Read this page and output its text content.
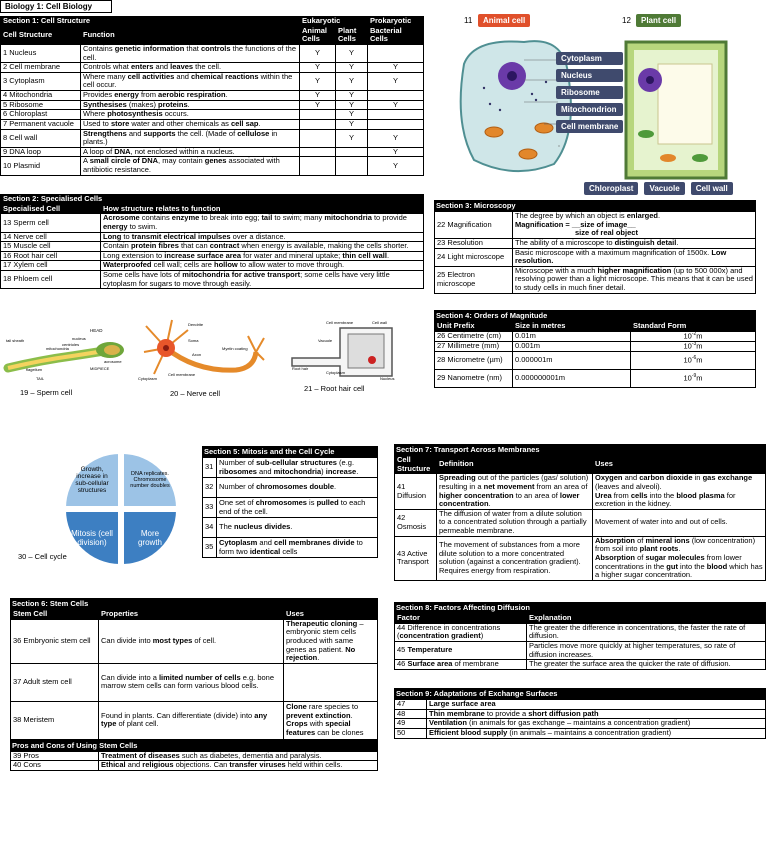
Biology 1: Cell Biology
Section 1: Cell Structure		Eukaryotic		Prokaryotic
Cell Structure	Function	Animal Cells	Plant Cells	Bacterial Cells
1 Nucleus	Contains genetic information that controls the functions of the cell.	Y	Y	
2 Cell membrane	Controls what enters and leaves the cell.	Y	Y	Y
3 Cytoplasm	Where many cell activities and chemical reactions within the cell occur.	Y	Y	Y
4 Mitochondria	Provides energy from aerobic respiration.	Y	Y	
5 Ribosome	Synthesises (makes) proteins.	Y	Y	Y
6 Chloroplast	Where photosynthesis occurs.		Y	
7 Permanent vacuole	Used to store water and other chemicals as cell sap.		Y	
8 Cell wall	Strengthens and supports the cell. (Made of cellulose in plants.)		Y	Y
9 DNA loop	A loop of DNA, not enclosed within a nucleus.			Y
10 Plasmid	A small circle of DNA, may contain genes associated with antibiotic resistance.			Y
Section 2: Specialised Cells	
Specialised Cell	How structure relates to function
13 Sperm cell	Acrosome contains enzyme to break into egg; tail to swim; many mitochondria to provide energy to swim.
14 Nerve cell	Long to transmit electrical impulses over a distance.
15 Muscle cell	Contain protein fibres that can contract when energy is available, making the cells shorter.
16 Root hair cell	Long extension to increase surface area for water and mineral uptake; thin cell wall.
17 Xylem cell	Waterproofed cell wall; cells are hollow to allow water to move through.
18 Phloem cell	Some cells have lots of mitochondria for active transport; some cells have very little cytoplasm for sugars to move through easily.
HEAD
tail sheath	nucleus
centrioles
mitochondria
acrosome
MIDPIECE
flagellum
TAIL
19 – Sperm cell
Dendrite
Soma
Axon
Myelin coating
Cytoplasm
Cell membrane
20 – Nerve cell
Cell membrane	Cell wall
Vacuole
Root hair
Cytoplasm
Nucleus
21 – Root hair cell
11	Animal cell	12	Plant cell
Cytoplasm
Nucleus
Ribosome
Mitochondrion
Cell membrane
Chloroplast	Vacuole	Cell wall
Section 3: Microscopy
22 Magnification	The degree by which an object is enlarged.
Magnification = __size of image__
size of real object
23 Resolution	The ability of a microscope to distinguish detail.
24 Light microscope	Basic microscope with a maximum magnification of 1500x. Low resolution.
25 Electron microscope	Microscope with a much higher magnification (up to 500 000x) and resolving power than a light microscope. This means that it can be used to study cells in much finer detail.
Section 4: Orders of Magnitude
Unit Prefix	Size in metres	Standard Form
26 Centimetre (cm)	0.01m	$10^{-2}m$
27 Millimetre (mm)	0.001m	$10^{-3}m$
28 Micrometre (µm)	0.000001m	$10^{-6}m$
29 Nanometre (nm)	0.000000001m	$10^{-9}m$
Growth, increase in sub-cellular structures
DNA replicates. Chromosome number doubles
Mitosis (cell division)
More growth
30 – Cell cycle
Section 5: Mitosis and the Cell Cycle
31	Number of sub-cellular structures (e.g. ribosomes and mitochondria) increase.
32	Number of chromosomes double.
33	One set of chromosomes is pulled to each end of the cell.
34	The nucleus divides.
35	Cytoplasm and cell membranes divide to form two identical cells
Section 6: Stem Cells
Stem Cell	Properties	Uses
36 Embryonic stem cell	Can divide into most types of cell.	Therapeutic cloning – embryonic stem cells produced with same genes as patient. No rejection.
37 Adult stem cell	Can divide into a limited number of cells e.g. bone marrow stem cells can form various blood cells.	
38 Meristem	Found in plants. Can differentiate (divide) into any type of plant cell.	Clone rare species to prevent extinction. Crops with special features can be clones
Pros and Cons of Using Stem Cells
39 Pros	Treatment of diseases such as diabetes, dementia and paralysis.
40 Cons	Ethical and religious objections. Can transfer viruses held within cells.
Section 7: Transport Across Membranes
Cell Structure	Definition	Uses
41 Diffusion	Spreading out of the particles (gas/ solution) resulting in a net movement from an area of higher concentration to an area of lower concentration.	Oxygen and carbon dioxide in gas exchange (leaves and alveoli).
Urea from cells into the blood plasma for excretion in the kidney.
42 Osmosis	The diffusion of water from a dilute solution to a concentrated solution through a partially permeable membrane.	Movement of water into and out of cells.
43 Active Transport	The movement of substances from a more dilute solution to a more concentrated solution (against a concentration gradient). Requires energy from respiration.	Absorption of mineral ions (low concentration) from soil into plant roots.
Absorption of sugar molecules from lower concentrations in the gut into the blood which has a higher sugar concentration.
Section 8: Factors Affecting Diffusion
Factor	Explanation
44 Difference in concentrations (concentration gradient)	The greater the difference in concentrations, the faster the rate of diffusion.
45 Temperature	Particles move more quickly at higher temperatures, so rate of diffusion increases.
46 Surface area of membrane	The greater the surface area the quicker the rate of diffusion.
Section 9: Adaptations of Exchange Surfaces
47	Large surface area
48	Thin membrane to provide a short diffusion path
49	Ventilation (in animals for gas exchange – maintains a concentration gradient)
50	Efficient blood supply (in animals – maintains a concentration gradient)
